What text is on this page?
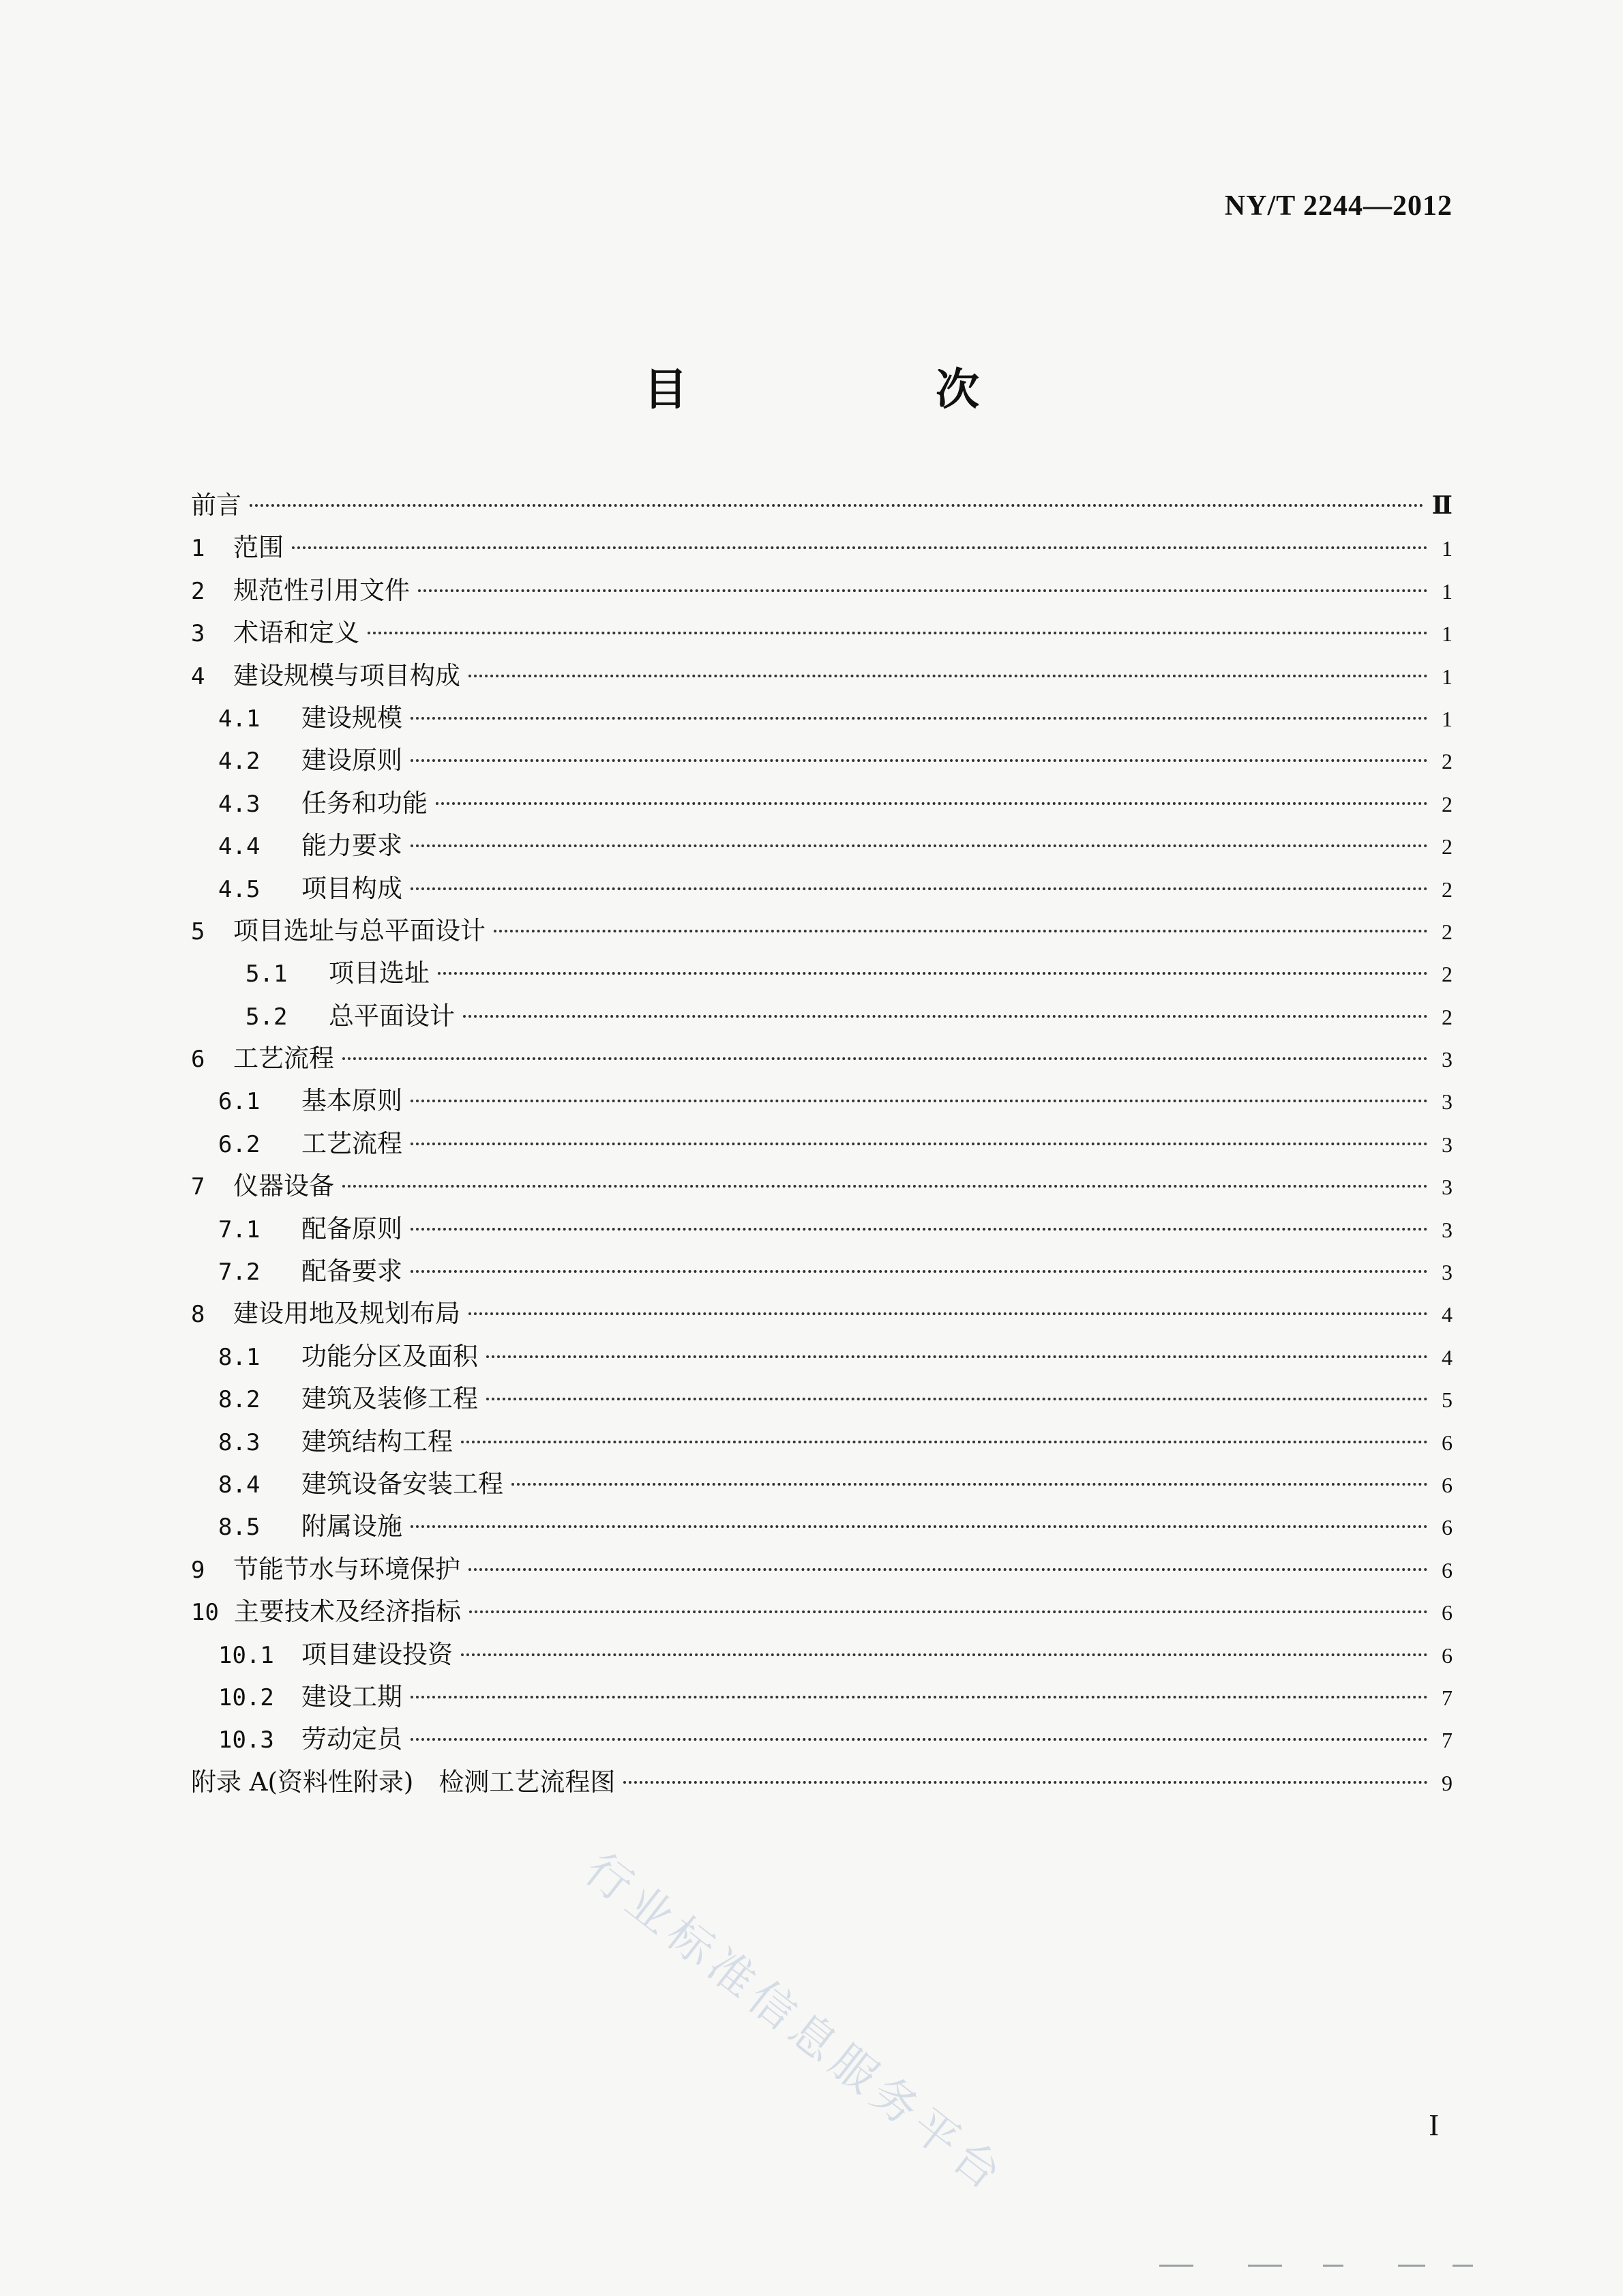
NY/T 2244—2012
目　次
前言	Ⅱ
1	范围	1
2	规范性引用文件	1
3	术语和定义	1
4	建设规模与项目构成	1
4.1	建设规模	1
4.2	建设原则	2
4.3	任务和功能	2
4.4	能力要求	2
4.5	项目构成	2
5	项目选址与总平面设计	2
5.1	项目选址	2
5.2	总平面设计	2
6	工艺流程	3
6.1	基本原则	3
6.2	工艺流程	3
7	仪器设备	3
7.1	配备原则	3
7.2	配备要求	3
8	建设用地及规划布局	4
8.1	功能分区及面积	4
8.2	建筑及装修工程	5
8.3	建筑结构工程	6
8.4	建筑设备安装工程	6
8.5	附属设施	6
9	节能节水与环境保护	6
10 主要技术及经济指标	6
10.1	项目建设投资	6
10.2	建设工期	7
10.3	劳动定员	7
附录 A(资料性附录)　检测工艺流程图	9
行业标准信息服务平台	I
